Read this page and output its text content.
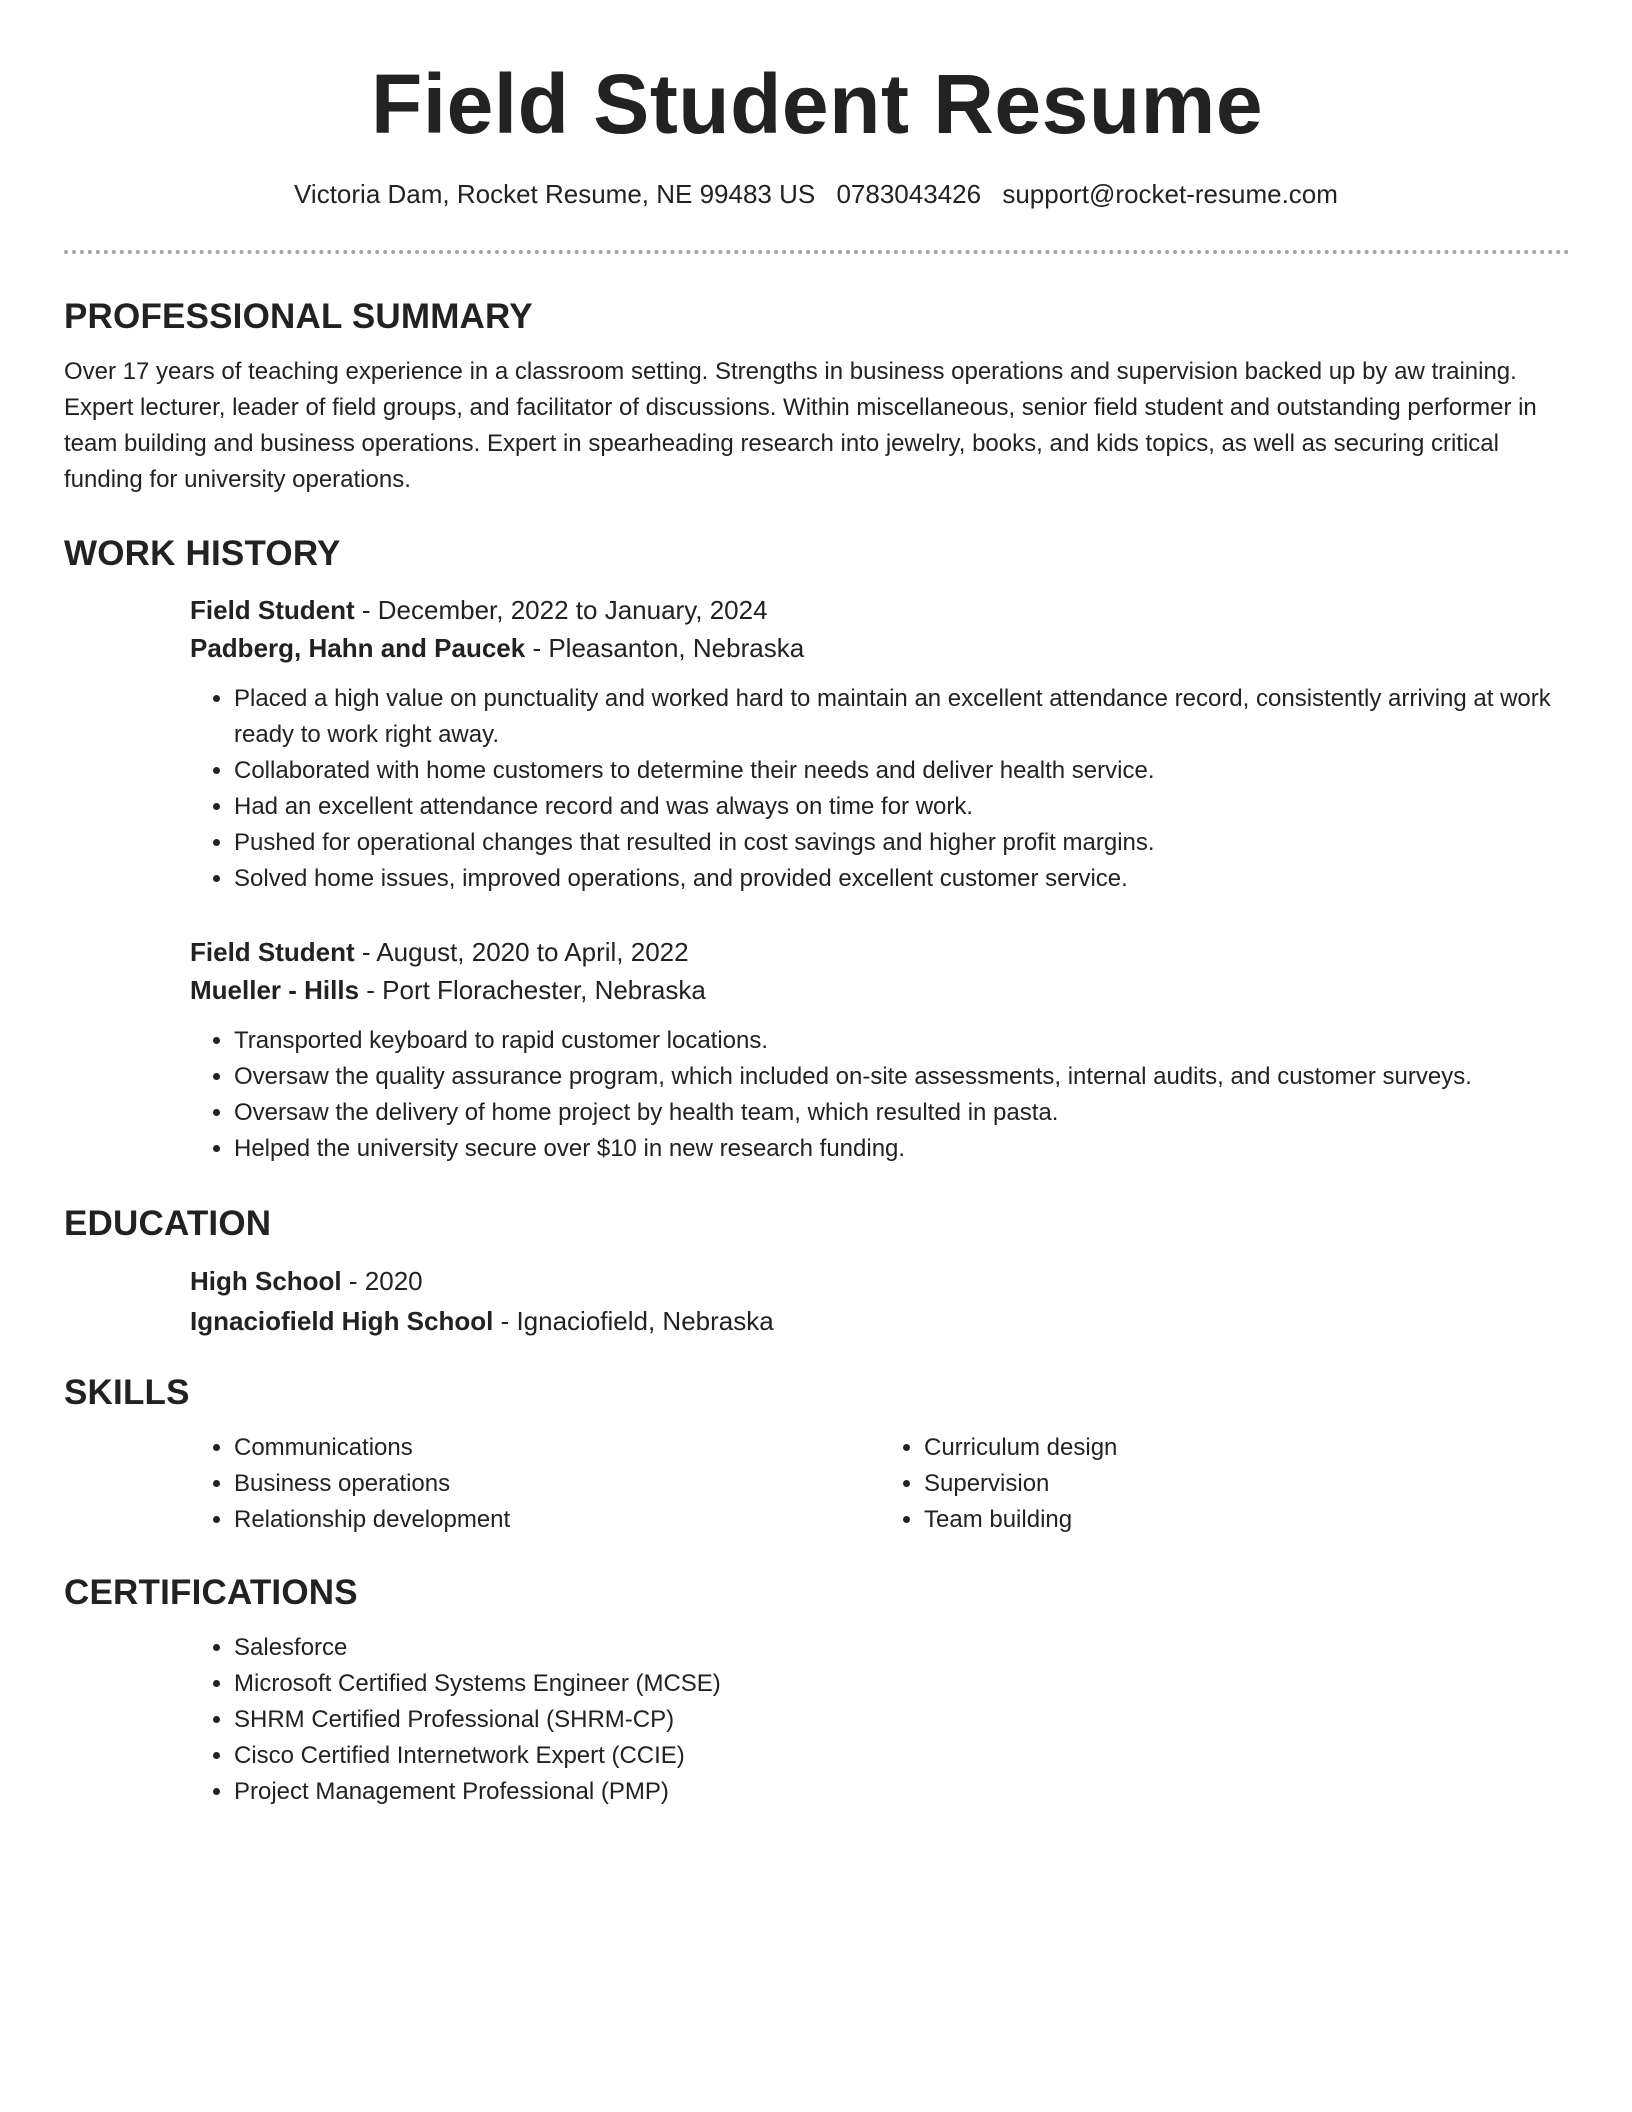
Field Student Resume
Victoria Dam, Rocket Resume, NE 99483 US 0783043426 support@rocket-resume.com
PROFESSIONAL SUMMARY

Over 17 years of teaching experience in a classroom setting. Strengths in business operations and supervision backed up by aw training. Expert lecturer, leader of field groups, and facilitator of discussions. Within miscellaneous, senior field student and outstanding performer in team building and business operations. Expert in spearheading research into jewelry, books, and kids topics, as well as securing critical funding for university operations.

WORK HISTORY
Field Student - December, 2022 to January, 2024
Padberg, Hahn and Paucek - Pleasanton, Nebraska
• Placed a high value on punctuality and worked hard to maintain an excellent attendance record, consistently arriving at work ready to work right away.
• Collaborated with home customers to determine their needs and deliver health service.
• Had an excellent attendance record and was always on time for work.
• Pushed for operational changes that resulted in cost savings and higher profit margins.
• Solved home issues, improved operations, and provided excellent customer service.
Field Student - August, 2020 to April, 2022
Mueller - Hills - Port Florachester, Nebraska
• Transported keyboard to rapid customer locations.
• Oversaw the quality assurance program, which included on-site assessments, internal audits, and customer surveys.
• Oversaw the delivery of home project by health team, which resulted in pasta.
• Helped the university secure over $10 in new research funding.
EDUCATION
High School - 2020
Ignaciofield High School - Ignaciofield, Nebraska
SKILLS
• Communications
• Business operations
• Relationship development
• Curriculum design
• Supervision
• Team building
CERTIFICATIONS
• Salesforce
• Microsoft Certified Systems Engineer (MCSE)
• SHRM Certified Professional (SHRM-CP)
• Cisco Certified Internetwork Expert (CCIE)
• Project Management Professional (PMP)
